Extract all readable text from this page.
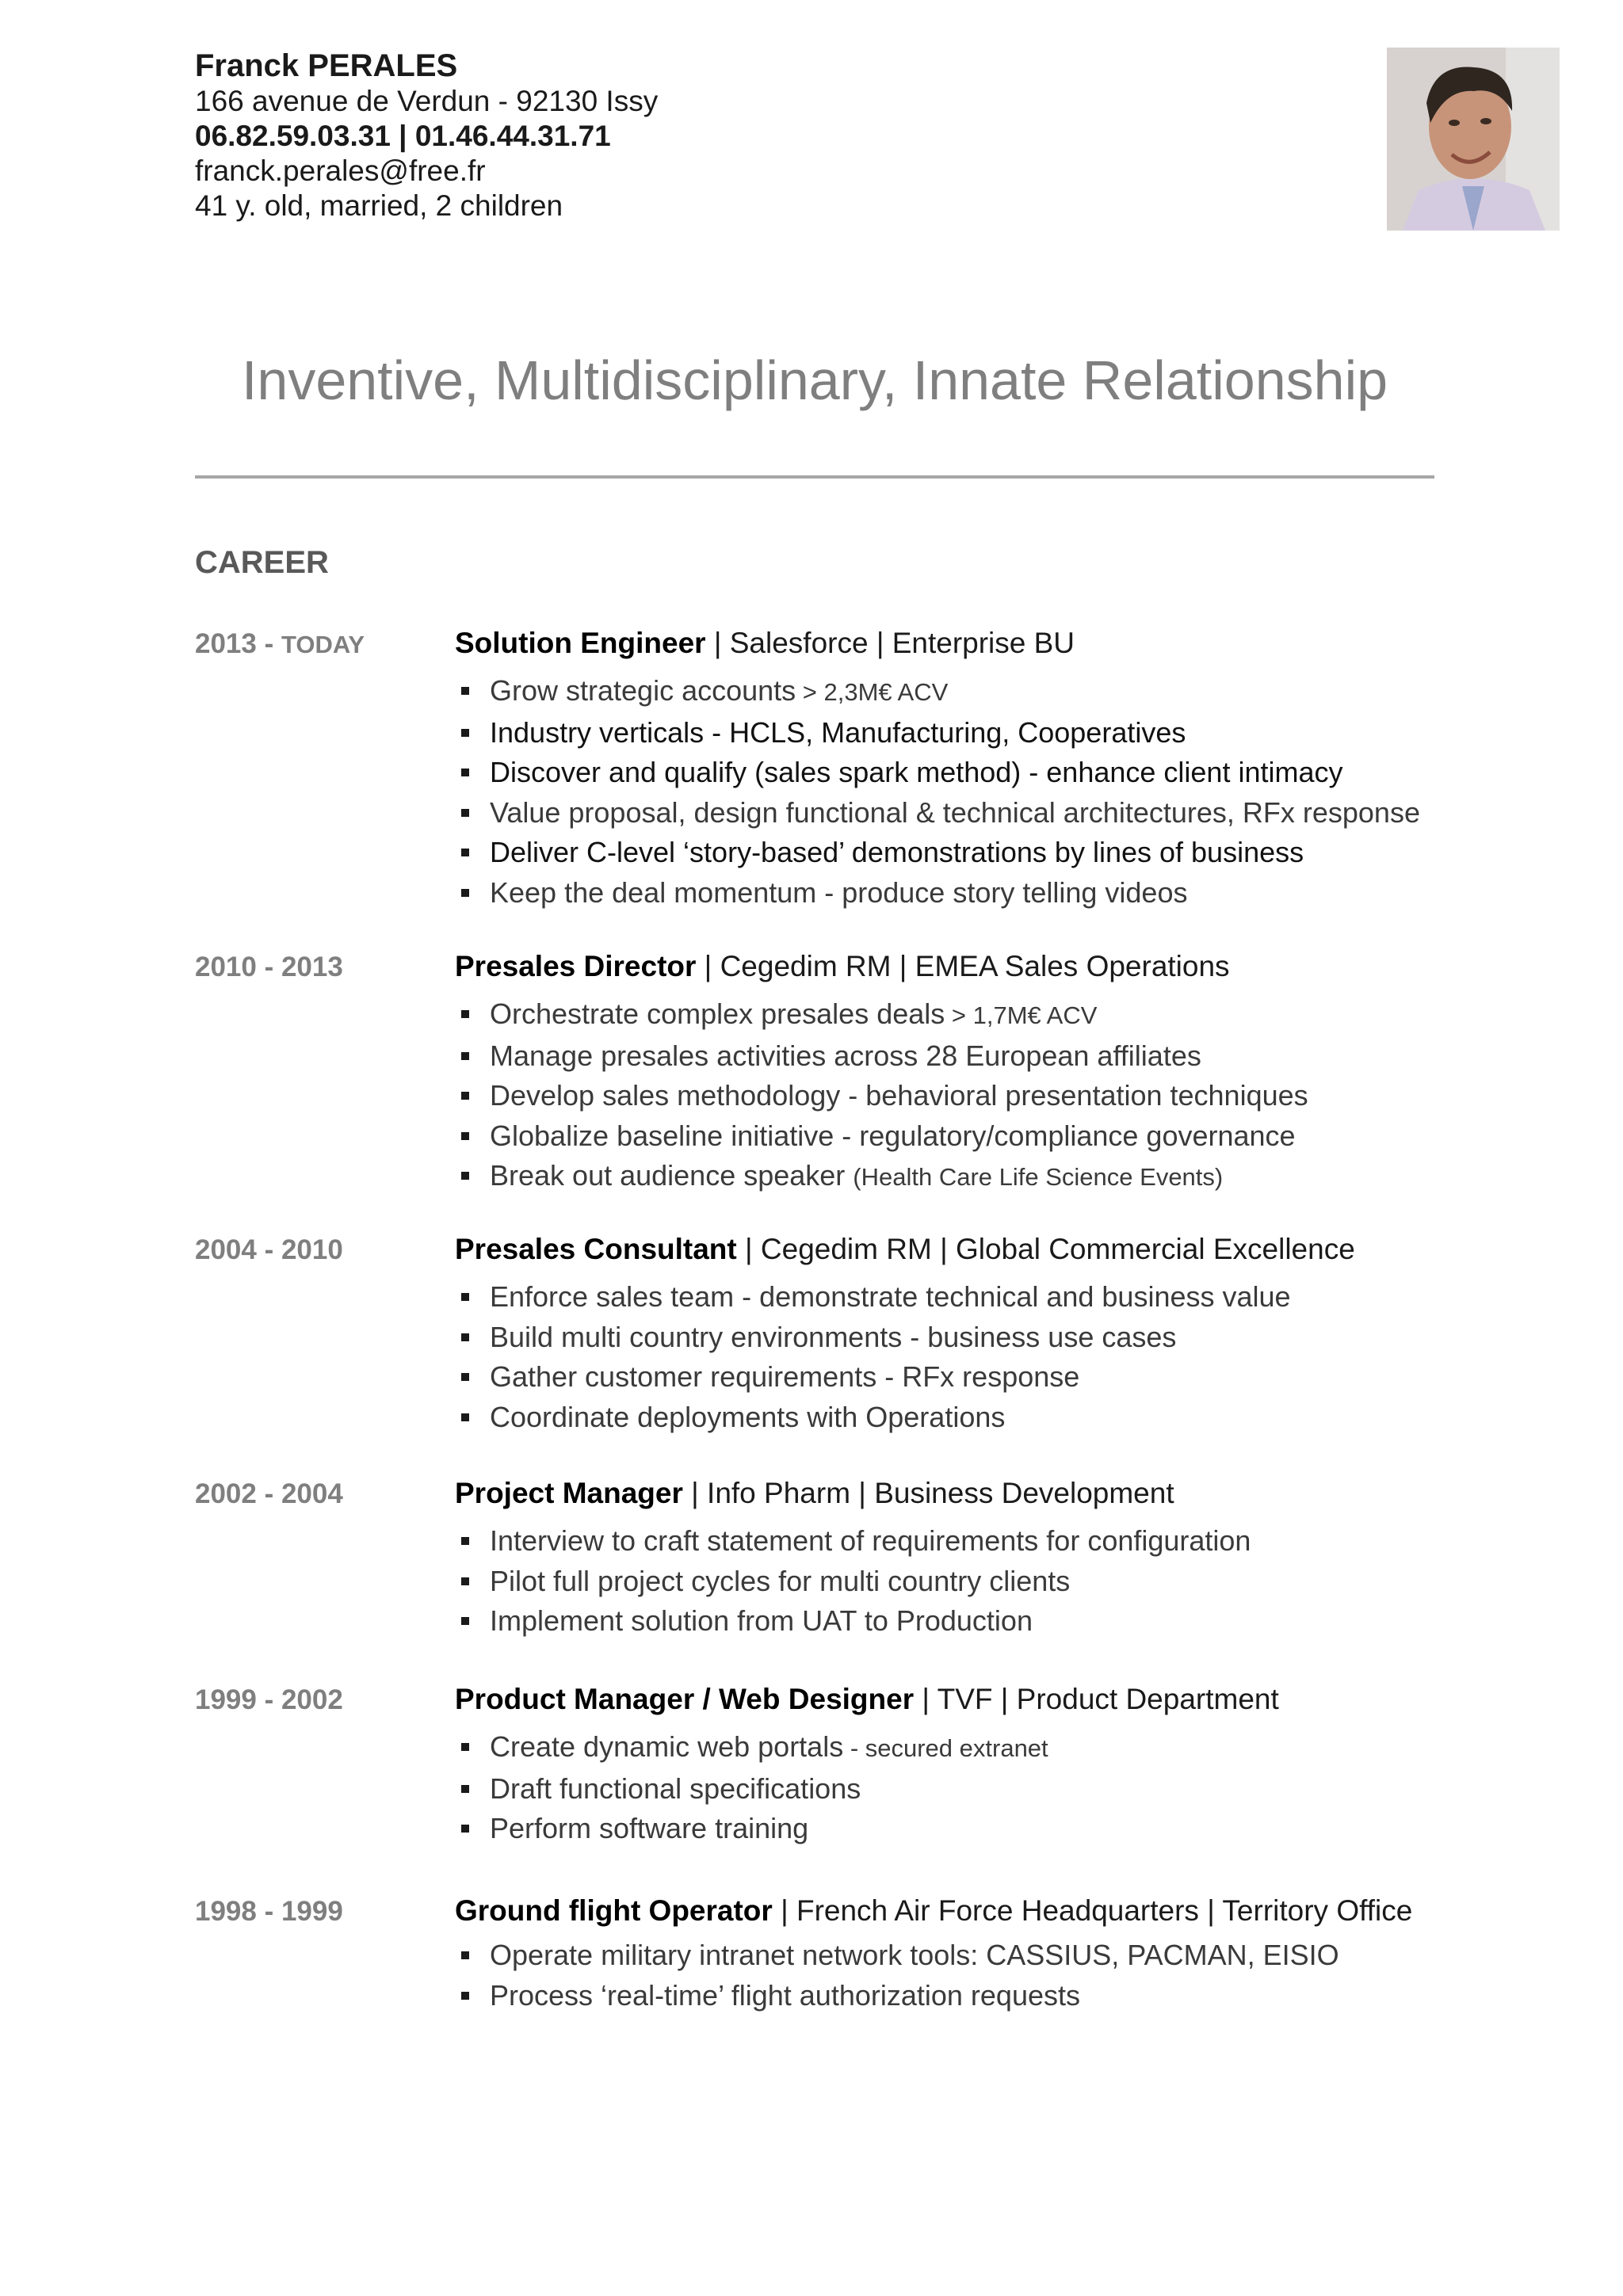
Franck PERALES
166 avenue de Verdun - 92130 Issy
06.82.59.03.31 | 01.46.44.31.71
franck.perales@free.fr
41 y. old, married, 2 children
Inventive, Multidisciplinary, Innate Relationship
CAREER
2013 - TODAY	Solution Engineer | Salesforce | Enterprise BU
Grow strategic accounts > 2,3M€ ACV
Industry verticals - HCLS, Manufacturing, Cooperatives
Discover and qualify (sales spark method) - enhance client intimacy
Value proposal, design functional & technical architectures, RFx response
Deliver C-level ‘story-based’ demonstrations by lines of business
Keep the deal momentum - produce story telling videos
2010 - 2013	Presales Director | Cegedim RM | EMEA Sales Operations
Orchestrate complex presales deals > 1,7M€ ACV
Manage presales activities across 28 European affiliates
Develop sales methodology - behavioral presentation techniques
Globalize baseline initiative - regulatory/compliance governance
Break out audience speaker (Health Care Life Science Events)
2004 - 2010	Presales Consultant | Cegedim RM | Global Commercial Excellence
Enforce sales team - demonstrate technical and business value
Build multi country environments - business use cases
Gather customer requirements - RFx response
Coordinate deployments with Operations
2002 - 2004	Project Manager | Info Pharm | Business Development
Interview to craft statement of requirements for configuration
Pilot full project cycles for multi country clients
Implement solution from UAT to Production
1999 - 2002	Product Manager / Web Designer | TVF | Product Department
Create dynamic web portals - secured extranet
Draft functional specifications
Perform software training
1998 - 1999	Ground flight Operator | French Air Force Headquarters | Territory Office
Operate military intranet network tools: CASSIUS, PACMAN, EISIO
Process ‘real-time’ flight authorization requests
